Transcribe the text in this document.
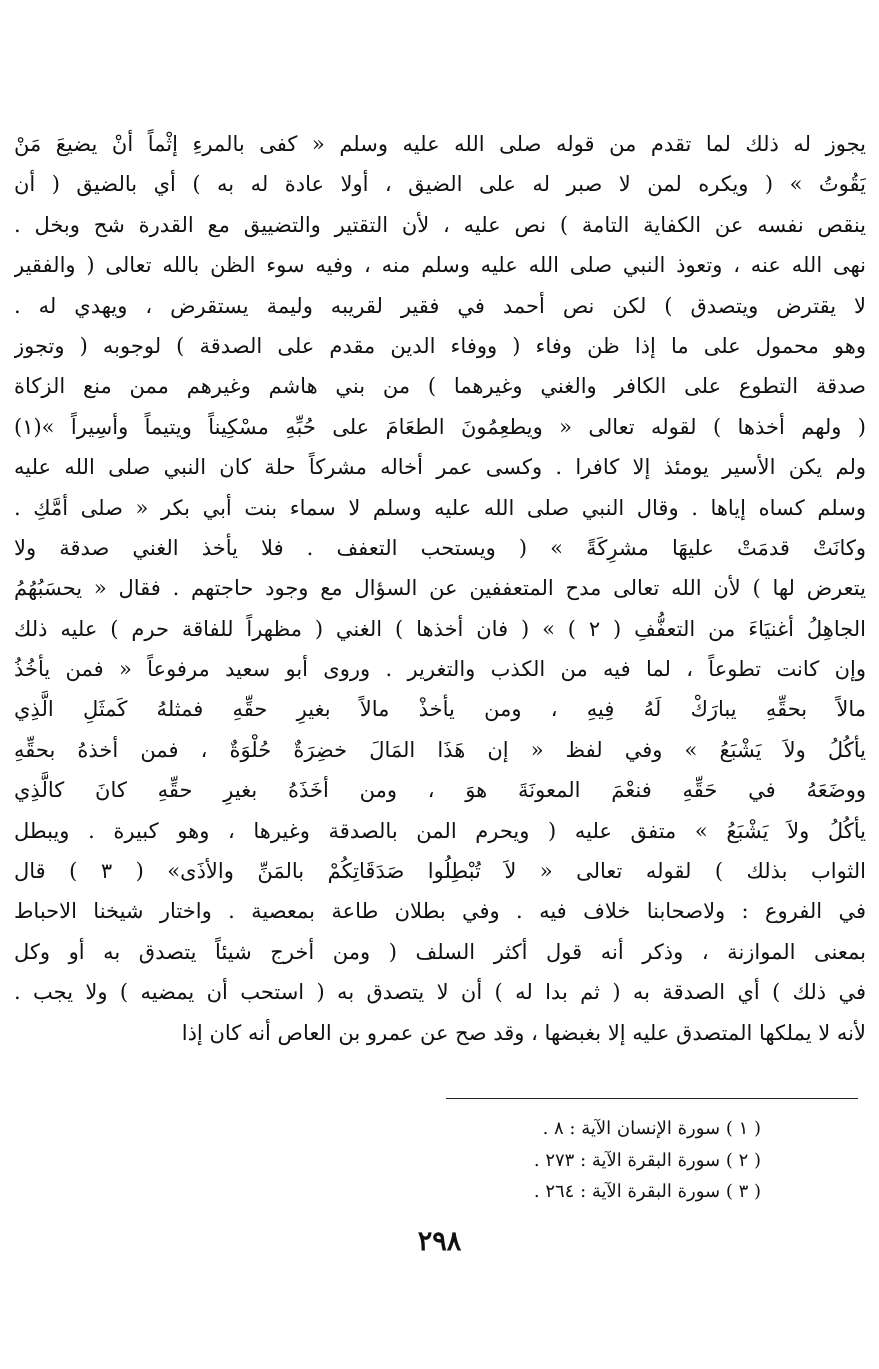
يجوز له ذلك لما تقدم من قوله صلى الله عليه وسلم « كفى بالمرءِ إثْماً أنْ يضيعَ مَنْ
يَقُوتُ » ( ويكره لمن لا صبر له على الضيق ، أولا عادة له به ) أي بالضيق ( أن
ينقص نفسه عن الكفاية التامة ) نص عليه ، لأن التقتير والتضييق مع القدرة شح وبخل .
نهى الله عنه ، وتعوذ النبي صلى الله عليه وسلم منه ، وفيه سوء الظن بالله تعالى ( والفقير
لا يقترض ويتصدق ) لكن نص أحمد في فقير لقريبه وليمة يستقرض ، ويهدي له .
وهو محمول على ما إذا ظن وفاء ( ووفاء الدين مقدم على الصدقة ) لوجوبه ( وتجوز
صدقة التطوع على الكافر والغني وغيرهما ) من بني هاشم وغيرهم ممن منع الزكاة
( ولهم أخذها ) لقوله تعالى « ويطعِمُونَ الطعَامَ على حُبِّهِ مسْكِيناً ويتيماً وأسِيراً »(١)
ولم يكن الأسير يومئذ إلا كافرا . وكسى عمر أخاله مشركاً حلة كان النبي صلى الله عليه
وسلم كساه إياها . وقال النبي صلى الله عليه وسلم لا سماء بنت أبي بكر « صلى أمَّكِ .
وكانَتْ قدمَتْ عليهَا مشرِكَةً » ( ويستحب التعفف . فلا يأخذ الغني صدقة ولا
يتعرض لها ) لأن الله تعالى مدح المتعففين عن السؤال مع وجود حاجتهم . فقال « يحسَبُهُمُ
الجاهِلُ أغنيَاءَ من التعفُّفِ ( ٢ ) » ( فان أخذها ) الغني ( مظهراً للفاقة حرم ) عليه ذلك
وإن كانت تطوعاً ، لما فيه من الكذب والتغرير . وروى أبو سعيد مرفوعاً « فمن يأخُذُ
مالاً بحقِّهِ يبارَكْ لَهُ فِيهِ ، ومن يأخذْ مالاً بغيرِ حقِّهِ فمثلهُ كَمثَلِ الَّذِي
يأكُلُ ولاَ يَشْبَعُ » وفي لفظ « إن هَذَا المَالَ خضِرَةٌ حُلْوَةٌ ، فمن أخذهُ بحقِّهِ
ووضَعَهُ في حَقِّهِ فنعْمَ المعونَةَ هوَ ، ومن أخَذَهُ بغيرِ حقِّهِ كانَ كالَّذِي
يأكُلُ ولاَ يَشْبَعُ » متفق عليه ( ويحرم المن بالصدقة وغيرها ، وهو كبيرة . ويبطل
الثواب بذلك ) لقوله تعالى « لاَ تُبْطِلُوا صَدَقَاتِكُمْ بالمَنِّ والأذَى» ( ٣ ) قال
في الفروع : ولاصحابنا خلاف فيه . وفي بطلان طاعة بمعصية . واختار شيخنا الاحباط
بمعنى الموازنة ، وذكر أنه قول أكثر السلف ( ومن أخرج شيئاً يتصدق به أو وكل
في ذلك ) أي الصدقة به ( ثم بدا له ) أن لا يتصدق به ( استحب أن يمضيه ) ولا يجب .
لأنه لا يملكها المتصدق عليه إلا بغبضها ، وقد صح عن عمرو بن العاص أنه كان إذا
( ١ ) سورة الإنسان الآية : ٨ .
( ٢ ) سورة البقرة الآية : ٢٧٣ .
( ٣ ) سورة البقرة الآية : ٢٦٤ .
٢٩٨
